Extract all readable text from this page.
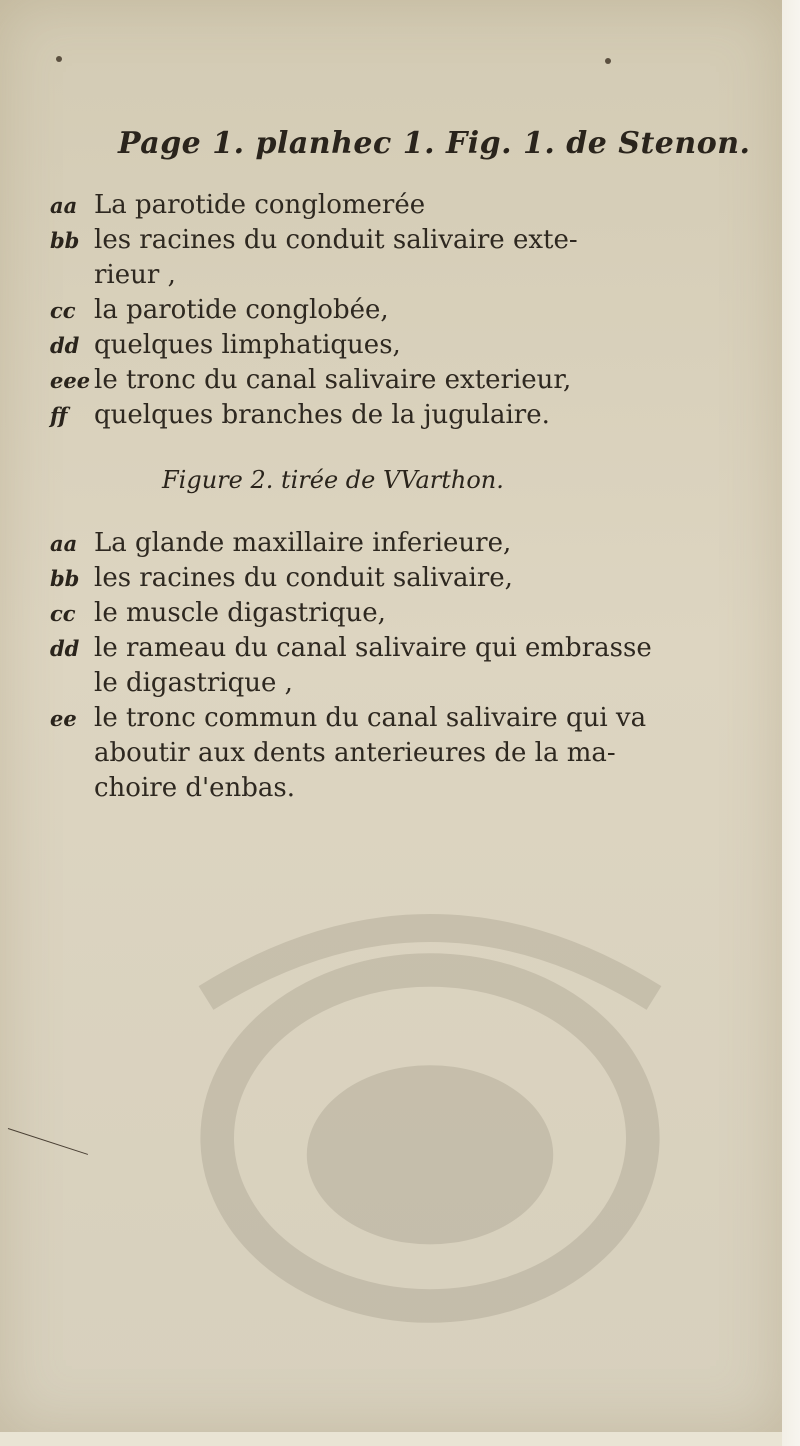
Page 1. planhec 1. Fig. 1. de Stenon.
aa La parotide conglomerée
bb les racines du conduit salivaire exte-
rieur ,
cc la parotide conglobée,
dd quelques limphatiques,
eee le tronc du canal salivaire exterieur,
ff	quelques branches de la jugulaire.
Figure 2. tirée de VVarthon.
aa La glande maxillaire inferieure,
bb les racines du conduit salivaire,
cc le muscle digastrique,
dd le rameau du canal salivaire qui embrasse
le digastrique ,
ee le tronc commun du canal salivaire qui va
aboutir aux dents anterieures de la ma-
choire d'enbas.
